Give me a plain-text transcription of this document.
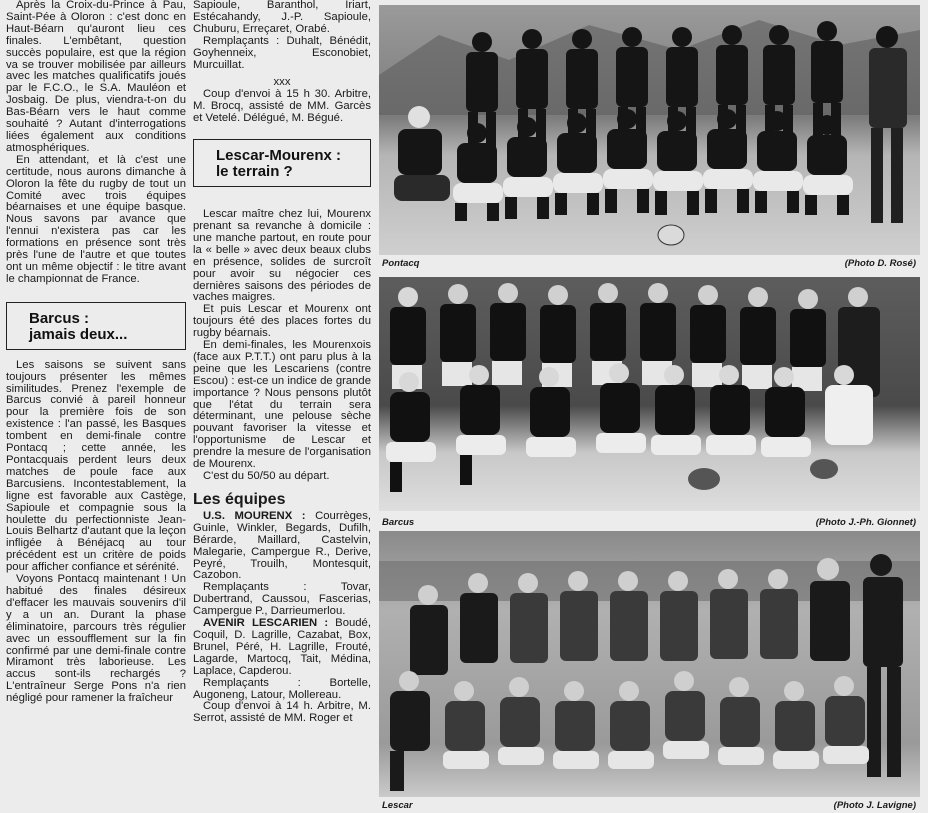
Après la Croix-du-Prince à Pau, Saint-Pée à Oloron : c'est donc en Haut-Béarn qu'auront lieu ces finales. L'embêtant, question succès populaire, est que la région va se trouver mobilisée par ailleurs avec les matches qualificatifs joués par le F.C.O., le S.A. Mauléon et Josbaig. De plus, viendra-t-on du Bas-Béarn vers le haut comme souhaité ? Autant d'interrogations liées également aux conditions atmosphériques.

En attendant, et là c'est une certitude, nous aurons dimanche à Oloron la fête du rugby de tout un Comité avec trois équipes béarnaises et une équipe basque. Nous savons par avance que l'ennui n'existera pas car les formations en présence sont très près l'une de l'autre et que toutes ont un même objectif : le titre avant le championnat de France.

Barcus :
jamais deux...

Les saisons se suivent sans toujours présenter les mêmes similitudes. Prenez l'exemple de Barcus convié à pareil honneur pour la première fois de son existence : l'an passé, les Basques tombent en demi-finale contre Pontacq ; cette année, les Pontacquais perdent leurs deux matches de poule face aux Barcusiens. Incontestablement, la ligne est favorable aux Castège, Sapioule et compagnie sous la houlette du perfectionniste Jean-Louis Belhartz d'autant que la leçon infligée à Bénéjacq au tour précédent est un critère de poids pour afficher confiance et sérénité.

Voyons Pontacq maintenant ! Un habitué des finales désireux d'effacer les mauvais souvenirs d'il y a un an. Durant la phase éliminatoire, parcours très régulier avec un essoufflement sur la fin confirmé par une demi-finale contre Miramont très laborieuse. Les accus sont-ils rechargés ? L'entraîneur Serge Pons n'a rien négligé pour ramener la fraîcheur

Sapioule, Baranthol, Iriart, Estécahandy, J.-P. Sapioule, Chuburu, Erreçaret, Orabé.

Remplaçants : Duhalt, Bénédit, Goyhenneix, Esconobiet, Murcuillat.

xxx

Coup d'envoi à 15 h 30. Arbitre, M. Brocq, assisté de MM. Garcès et Vetelé. Délégué, M. Bégué.

Lescar-Mourenx :
le terrain ?

Lescar maître chez lui, Mourenx prenant sa revanche à domicile : une manche partout, en route pour la « belle » avec deux beaux clubs en présence, solides de surcroît pour avoir su négocier ces dernières saisons des périodes de vaches maigres.

Et puis Lescar et Mourenx ont toujours été des places fortes du rugby béarnais.

En demi-finales, les Mourenxois (face aux P.T.T.) ont paru plus à la peine que les Lescariens (contre Escou) : est-ce un indice de grande importance ? Nous pensons plutôt que l'état du terrain sera déterminant, une pelouse sèche pouvant favoriser la vitesse et l'opportunisme de Lescar et prendre la mesure de l'organisation de Mourenx.

C'est du 50/50 au départ.

Les équipes

U.S. MOURENX : Courrèges, Guinle, Winkler, Begards, Dufilh, Bérarde, Maillard, Castelvin, Malegarie, Campergue R., Derive, Peyré, Trouilh, Montesquit, Cazobon.

Remplaçants : Tovar, Dubertrand, Caussou, Fascerias, Campergue P., Darrieumerlou.

AVENIR LESCARIEN : Boudé, Coquil, D. Lagrille, Cazabat, Box, Brunel, Péré, H. Lagrille, Frouté, Lagarde, Martocq, Tait, Médina, Laplace, Capderou.

Remplaçants : Bortelle, Augoneng, Latour, Mollereau.

Coup d'envoi à 14 h. Arbitre, M. Serrot, assisté de MM. Roger et

Pontacq	(Photo D. Rosé)
Barcus	(Photo J.-Ph. Gionnet)
Lescar	(Photo J. Lavigne)
